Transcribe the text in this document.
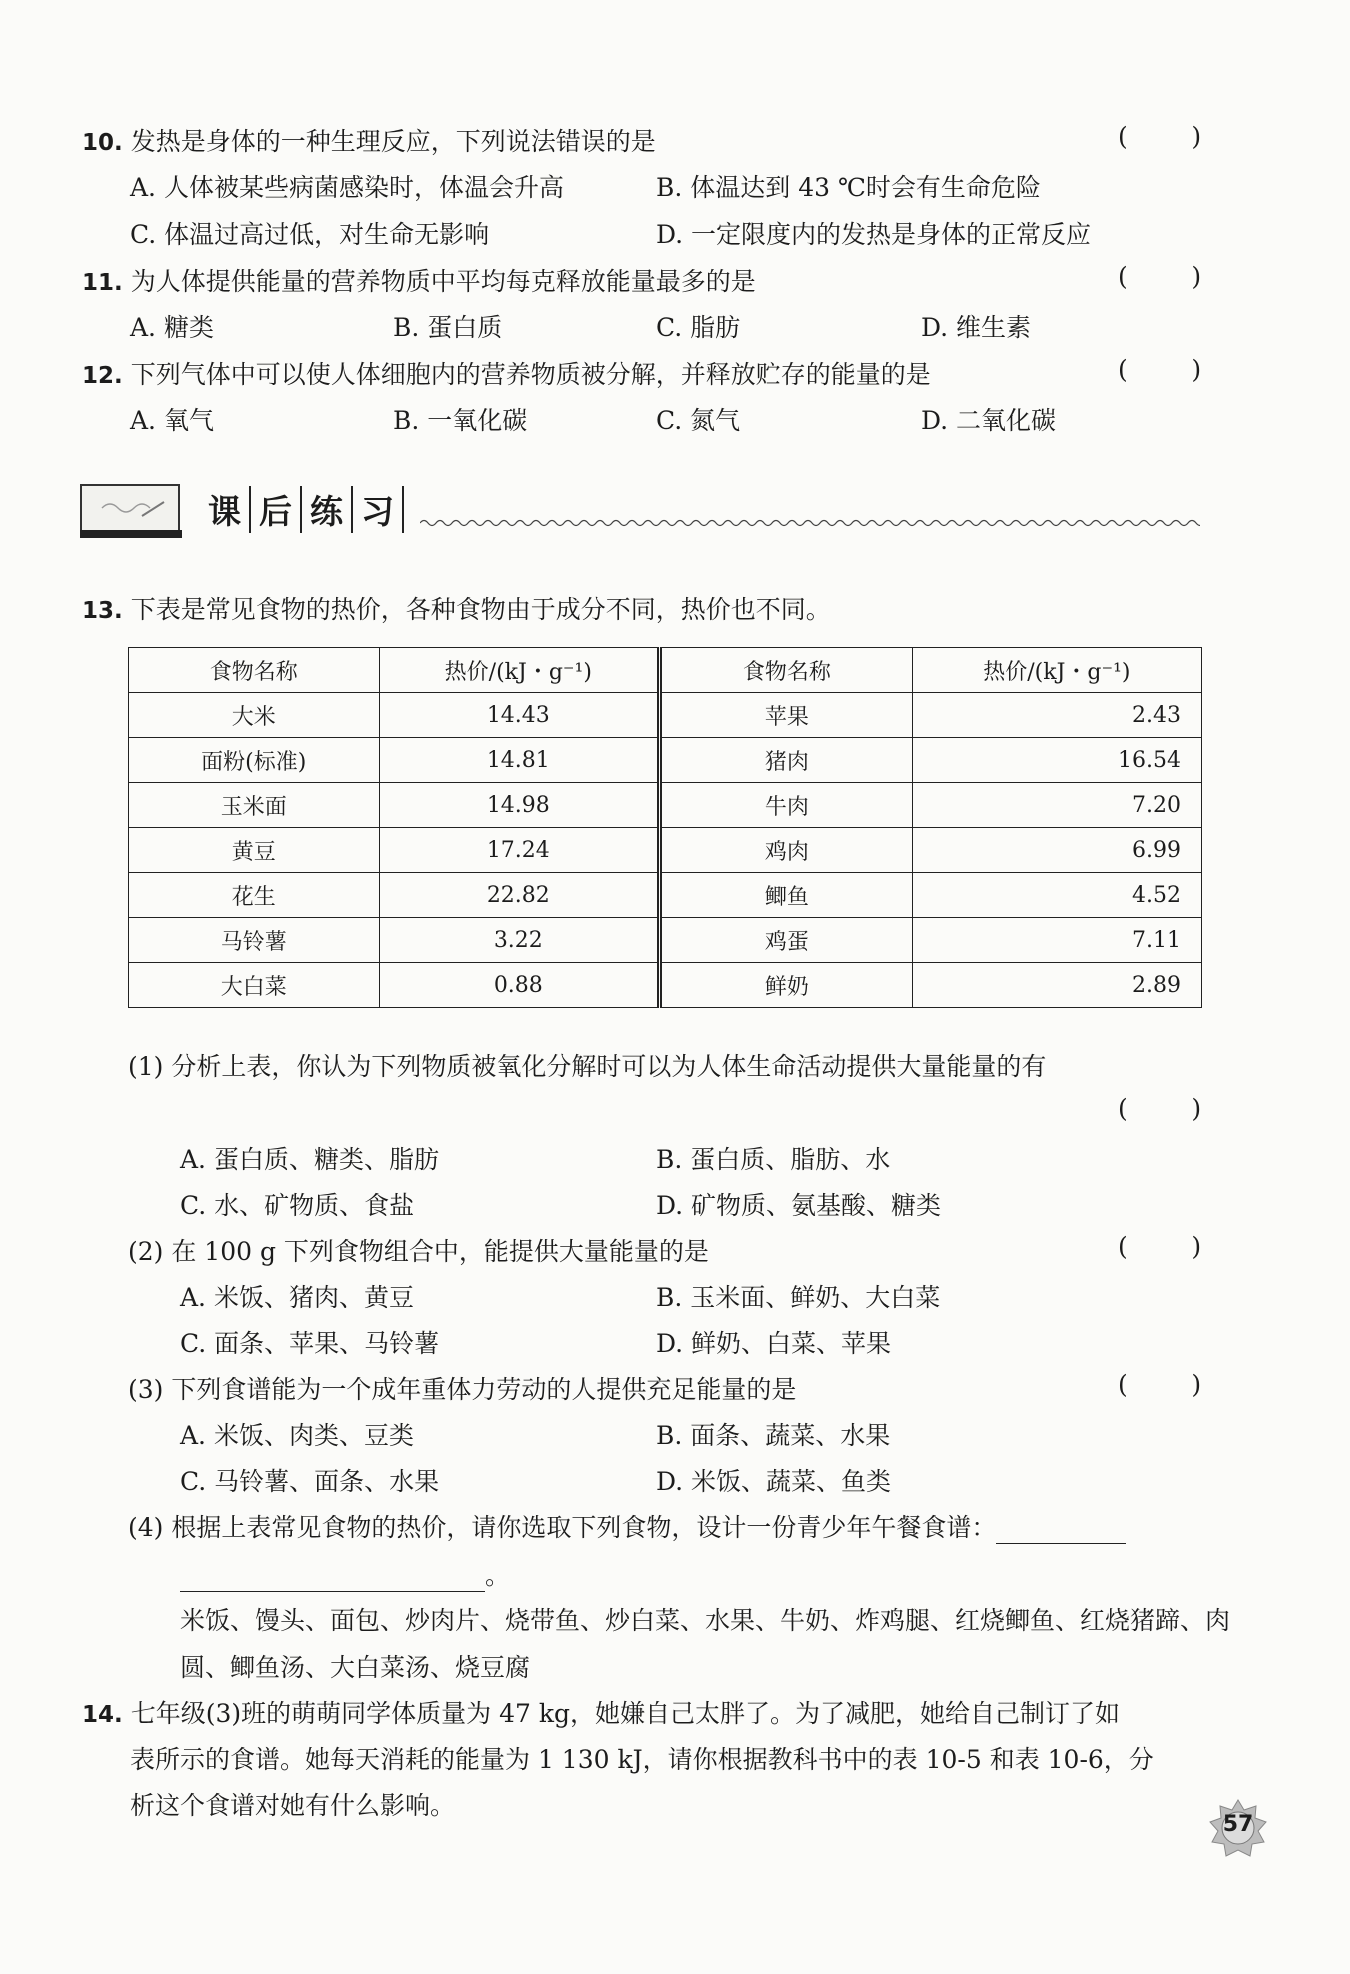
10. 发热是身体的一种生理反应，下列说法错误的是	(        )
A. 人体被某些病菌感染时，体温会升高	B. 体温达到 43 ℃时会有生命危险
C. 体温过高过低，对生命无影响	D. 一定限度内的发热是身体的正常反应
11. 为人体提供能量的营养物质中平均每克释放能量最多的是	(        )
A. 糖类	B. 蛋白质	C. 脂肪	D. 维生素
12. 下列气体中可以使人体细胞内的营养物质被分解，并释放贮存的能量的是	(        )
A. 氧气	B. 一氧化碳	C. 氮气	D. 二氧化碳
课 后 练 习
13. 下表是常见食物的热价，各种食物由于成分不同，热价也不同。
食物名称	热价/(kJ・g⁻¹)	食物名称	热价/(kJ・g⁻¹)
大米	14.43	苹果	2.43
面粉(标准)	14.81	猪肉	16.54
玉米面	14.98	牛肉	7.20
黄豆	17.24	鸡肉	6.99
花生	22.82	鲫鱼	4.52
马铃薯	3.22	鸡蛋	7.11
大白菜	0.88	鲜奶	2.89
(1) 分析上表，你认为下列物质被氧化分解时可以为人体生命活动提供大量能量的有
(        )
A. 蛋白质、糖类、脂肪	B. 蛋白质、脂肪、水
C. 水、矿物质、食盐	D. 矿物质、氨基酸、糖类
(2) 在 100 g 下列食物组合中，能提供大量能量的是	(        )
A. 米饭、猪肉、黄豆	B. 玉米面、鲜奶、大白菜
C. 面条、苹果、马铃薯	D. 鲜奶、白菜、苹果
(3) 下列食谱能为一个成年重体力劳动的人提供充足能量的是	(        )
A. 米饭、肉类、豆类	B. 面条、蔬菜、水果
C. 马铃薯、面条、水果	D. 米饭、蔬菜、鱼类
(4) 根据上表常见食物的热价，请你选取下列食物，设计一份青少年午餐食谱：
。
米饭、馒头、面包、炒肉片、烧带鱼、炒白菜、水果、牛奶、炸鸡腿、红烧鲫鱼、红烧猪蹄、肉
圆、鲫鱼汤、大白菜汤、烧豆腐
14. 七年级(3)班的萌萌同学体质量为 47 kg，她嫌自己太胖了。为了减肥，她给自己制订了如
表所示的食谱。她每天消耗的能量为 1 130 kJ，请你根据教科书中的表 10-5 和表 10-6，分
析这个食谱对她有什么影响。
57
